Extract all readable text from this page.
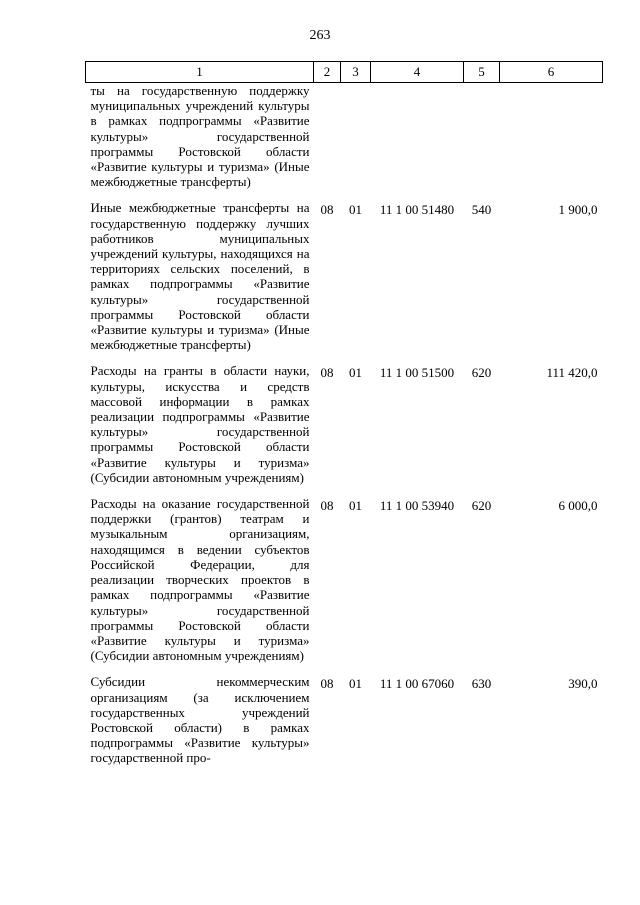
263
1	2	3	4	5	6
ты на государственную поддержку муниципальных учреждений культуры в рамках подпрограммы «Развитие культуры» государственной программы Ростовской области «Развитие культуры и туризма» (Иные межбюджетные трансферты)					
Иные межбюджетные трансферты на государственную поддержку лучших работников муниципальных учреждений культуры, находящихся на территориях сельских поселений, в рамках подпрограммы «Развитие культуры» государственной программы Ростовской области «Развитие культуры и туризма» (Иные межбюджетные трансферты)	08	01	11 1 00 51480	540	1 900,0
Расходы на гранты в области науки, культуры, искусства и средств массовой информации в рамках реализации подпрограммы «Развитие культуры» государственной программы Ростовской области «Развитие культуры и туризма» (Субсидии автономным учреждениям)	08	01	11 1 00 51500	620	111 420,0
Расходы на оказание государственной поддержки (грантов) театрам и музыкальным организациям, находящимся в ведении субъектов Российской Федерации, для реализации творческих проектов в рамках подпрограммы «Развитие культуры» государственной программы Ростовской области «Развитие культуры и туризма» (Субсидии автономным учреждениям)	08	01	11 1 00 53940	620	6 000,0
Субсидии некоммерческим организациям (за исключением государственных учреждений Ростовской области) в рамках подпрограммы «Развитие культуры» государственной про-	08	01	11 1 00 67060	630	390,0
